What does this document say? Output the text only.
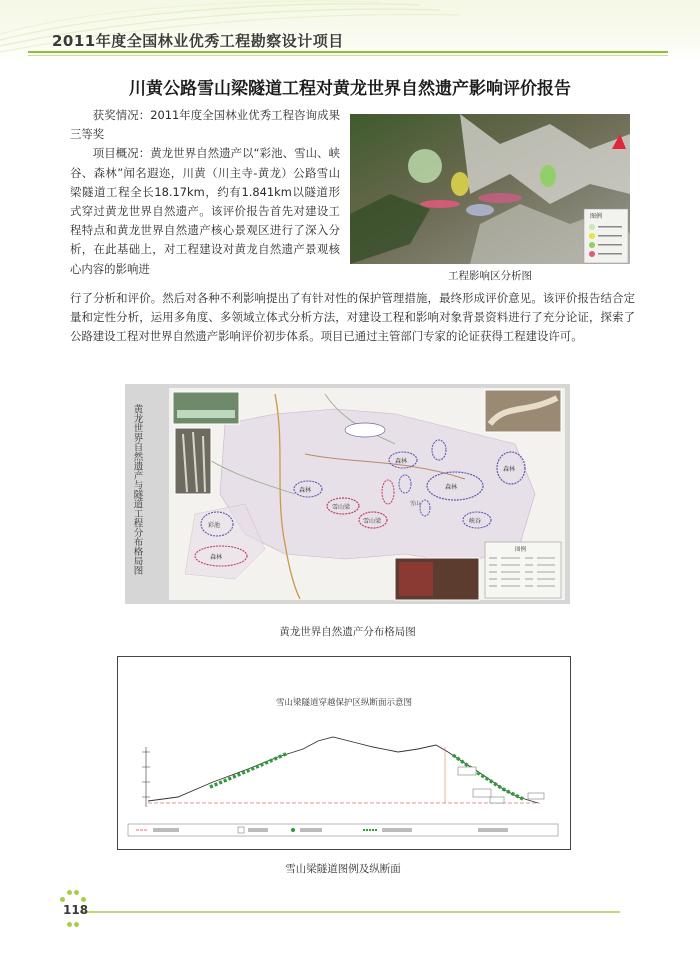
2011年度全国林业优秀工程勘察设计项目
川黄公路雪山梁隧道工程对黄龙世界自然遗产影响评价报告
获奖情况：2011年度全国林业优秀工程咨询成果三等奖
项目概况：黄龙世界自然遗产以“彩池、雪山、峡谷、森林”闻名遐迩，川黄（川主寺-黄龙）公路雪山梁隧道工程全长18.17km，约有1.841km以隧道形式穿过黄龙世界自然遗产。该评价报告首先对建设工程特点和黄龙世界自然遗产核心景观区进行了深入分析，在此基础上，对工程建设对黄龙自然遗产景观核心内容的影响进
图例
工程影响区分析图
行了分析和评价。然后对各种不利影响提出了有针对性的保护管理措施，最终形成评价意见。该评价报告结合定量和定性分析，运用多角度、多领域立体式分析方法，对建设工程和影响对象背景资料进行了充分论证，探索了公路建设工程对世界自然遗产影响评价初步体系。项目已通过主管部门专家的论证获得工程建设许可。
黄龙世界自然遗产与隧道工程分布格局图	森林
森林
森林
森林
雪山梁
雪山梁
彩池
森林
峡谷
雪山
图例
黄龙世界自然遗产分布格局图
雪山梁隧道穿越保护区纵断面示意图
雪山梁隧道图例及纵断面
118
